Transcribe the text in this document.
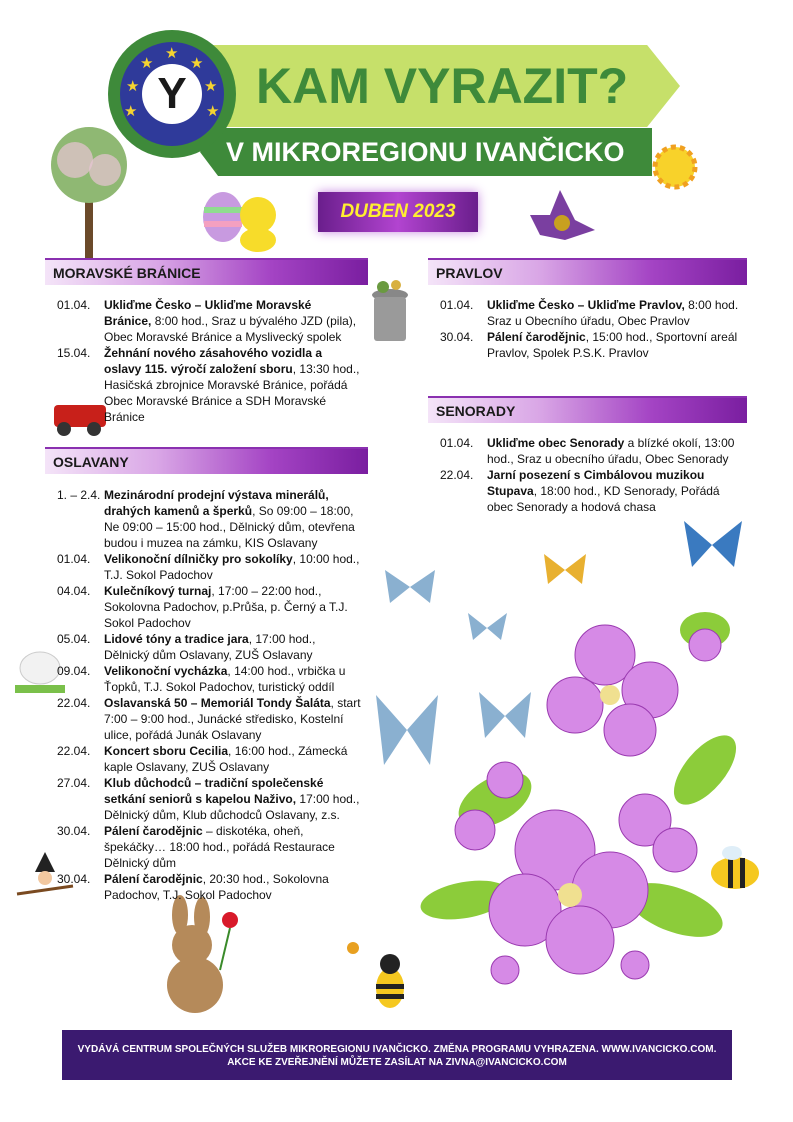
★
★ ★
★	★
★	★
Y	KAM VYRAZIT?
V MIKROREGIONU IVANČICKO
DUBEN 2023
MORAVSKÉ BRÁNICE
01.04.	Ukliďme Česko – Ukliďme Moravské Bránice, 8:00 hod., Sraz u bývalého JZD (pila), Obec Moravské Bránice a Myslivecký spolek
15.04.	Žehnání nového zásahového vozidla a oslavy 115. výročí založení sboru, 13:30 hod., Hasičská zbrojnice Moravské Bránice, pořádá Obec Moravské Bránice a SDH Moravské Bránice
OSLAVANY
1. – 2.4. Mezinárodní prodejní výstava minerálů, drahých kamenů a šperků, So 09:00 – 18:00, Ne 09:00 – 15:00 hod., Dělnický dům, otevřena budou i muzea na zámku, KIS Oslavany
01.04.	Velikonoční dílničky pro sokolíky, 10:00 hod., T.J. Sokol Padochov
04.04.	Kulečníkový turnaj, 17:00 – 22:00 hod., Sokolovna Padochov, p.Průša, p. Černý a T.J. Sokol Padochov
05.04.	Lidové tóny a tradice jara, 17:00 hod., Dělnický dům Oslavany, ZUŠ Oslavany
09.04.	Velikonoční vycházka, 14:00 hod., vrbička u Ťopků, T.J. Sokol Padochov, turistický oddíl
22.04.	Oslavanská 50 – Memoriál Tondy Šaláta, start 7:00 – 9:00 hod., Junácké středisko, Kostelní ulice, pořádá Junák Oslavany
22.04.	Koncert sboru Cecilia, 16:00 hod., Zámecká kaple Oslavany, ZUŠ Oslavany
27.04.	Klub důchodců – tradiční společenské setkání seniorů s kapelou Naživo, 17:00 hod., Dělnický dům, Klub důchodců Oslavany, z.s.
30.04.	Pálení čarodějnic – diskotéka, oheň, špekáčky… 18:00 hod., pořádá Restaurace Dělnický dům
30.04.	Pálení čarodějnic, 20:30 hod., Sokolovna Padochov, T.J. Sokol Padochov
PRAVLOV
01.04.	Ukliďme Česko – Ukliďme Pravlov, 8:00 hod. Sraz u Obecního úřadu, Obec Pravlov
30.04.	Pálení čarodějnic, 15:00 hod., Sportovní areál Pravlov, Spolek P.S.K. Pravlov
SENORADY
01.04.	Ukliďme obec Senorady a blízké okolí, 13:00 hod., Sraz u obecního úřadu, Obec Senorady
22.04.	Jarní posezení s Cimbálovou muzikou Stupava, 18:00 hod., KD Senorady, Pořádá obec Senorady a hodová chasa
VYDÁVÁ CENTRUM SPOLEČNÝCH SLUŽEB MIKROREGIONU IVANČICKO. ZMĚNA PROGRAMU VYHRAZENA. WWW.IVANCICKO.COM.
AKCE KE ZVEŘEJNĚNÍ MŮŽETE ZASÍLAT NA ZIVNA@IVANCICKO.COM
